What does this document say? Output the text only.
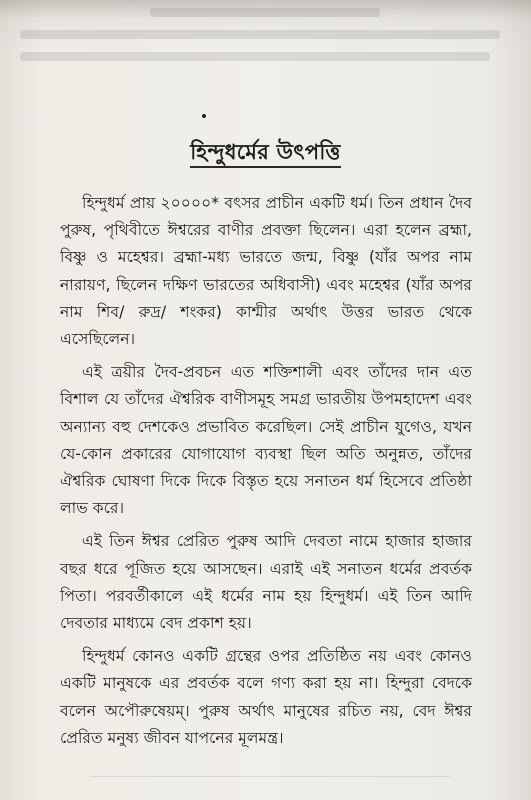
হিন্দুধর্মের উৎপত্তি

হিন্দুধর্ম প্রায় ২০০০০* বৎসর প্রাচীন একটি ধর্ম। তিন প্রধান দৈব পুরুষ, পৃথিবীতে ঈশ্বরের বাণীর প্রবক্তা ছিলেন। এরা হলেন ব্রহ্মা, বিষ্ণু ও মহেশ্বর। ব্রহ্মা-মধ্য ভারতে জন্ম, বিষ্ণু (যাঁর অপর নাম নারায়ণ, ছিলেন দক্ষিণ ভারতের অধিবাসী) এবং মহেশ্বর (যাঁর অপর নাম শিব/ রুদ্র/ শংকর) কাশ্মীর অর্থাৎ উত্তর ভারত থেকে এসেছিলেন।

এই ত্রয়ীর দৈব-প্রবচন এত শক্তিশালী এবং তাঁদের দান এত বিশাল যে তাঁদের ঐশ্বরিক বাণীসমূহ সমগ্র ভারতীয় উপমহাদেশ এবং অন্যান্য বহু দেশকেও প্রভাবিত করেছিল। সেই প্রাচীন যুগেও, যখন যে-কোন প্রকারের যোগাযোগ ব্যবস্থা ছিল অতি অনুন্নত, তাঁদের ঐশ্বরিক ঘোষণা দিকে দিকে বিস্তৃত হয়ে সনাতন ধর্ম হিসেবে প্রতিষ্ঠা লাভ করে।

এই তিন ঈশ্বর প্রেরিত পুরুষ আদি দেবতা নামে হাজার হাজার বছর ধরে পূজিত হয়ে আসছেন। এরাই এই সনাতন ধর্মের প্রবর্তক পিতা। পরবর্তীকালে এই ধর্মের নাম হয় হিন্দুধর্ম। এই তিন আদি দেবতার মাধ্যমে বেদ প্রকাশ হয়।

হিন্দুধর্ম কোনও একটি গ্রন্থের ওপর প্রতিষ্ঠিত নয় এবং কোনও একটি মানুষকে এর প্রবর্তক বলে গণ্য করা হয় না। হিন্দুরা বেদকে বলেন অপৌরুষেয়ম্। পুরুষ অর্থাৎ মানুষের রচিত নয়, বেদ ঈশ্বর প্রেরিত মনুষ্য জীবন যাপনের মূলমন্ত্র।
